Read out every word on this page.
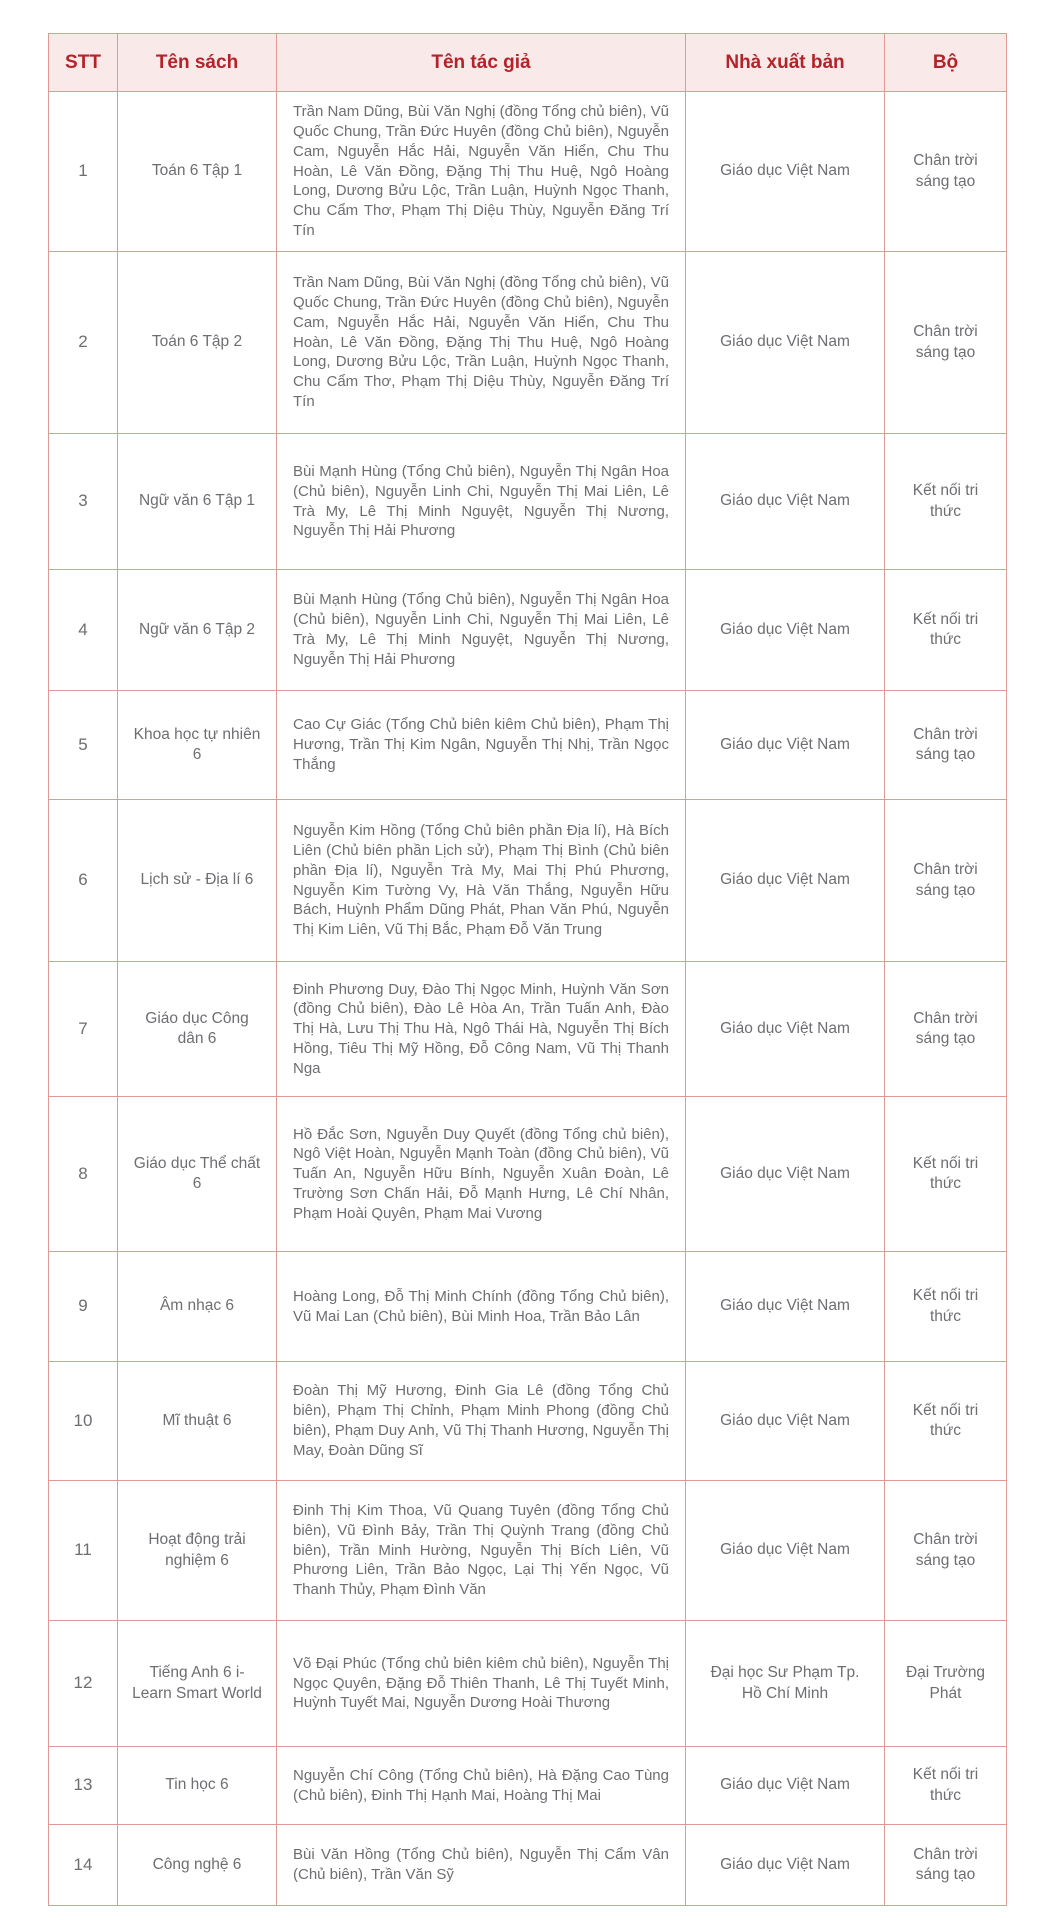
STT	Tên sách	Tên tác giả	Nhà xuất bản	Bộ
1	Toán 6 Tập 1	Trần Nam Dũng, Bùi Văn Nghị (đồng Tổng chủ biên), Vũ Quốc Chung, Trần Đức Huyên (đồng Chủ biên), Nguyễn Cam, Nguyễn Hắc Hải, Nguyễn Văn Hiển, Chu Thu Hoàn, Lê Văn Đồng, Đặng Thị Thu Huệ, Ngô Hoàng Long, Dương Bửu Lộc, Trần Luận, Huỳnh Ngọc Thanh, Chu Cẩm Thơ, Phạm Thị Diệu Thùy, Nguyễn Đăng Trí Tín	Giáo dục Việt Nam	Chân trời sáng tạo
2	Toán 6 Tập 2	Trần Nam Dũng, Bùi Văn Nghị (đồng Tổng chủ biên), Vũ Quốc Chung, Trần Đức Huyên (đồng Chủ biên), Nguyễn Cam, Nguyễn Hắc Hải, Nguyễn Văn Hiển, Chu Thu Hoàn, Lê Văn Đồng, Đặng Thị Thu Huệ, Ngô Hoàng Long, Dương Bửu Lộc, Trần Luận, Huỳnh Ngọc Thanh, Chu Cẩm Thơ, Phạm Thị Diệu Thùy, Nguyễn Đăng Trí Tín	Giáo dục Việt Nam	Chân trời sáng tạo
3	Ngữ văn 6 Tập 1	Bùi Mạnh Hùng (Tổng Chủ biên), Nguyễn Thị Ngân Hoa (Chủ biên), Nguyễn Linh Chi, Nguyễn Thị Mai Liên, Lê Trà My, Lê Thị Minh Nguyệt, Nguyễn Thị Nương, Nguyễn Thị Hải Phương	Giáo dục Việt Nam	Kết nối tri thức
4	Ngữ văn 6 Tập 2	Bùi Mạnh Hùng (Tổng Chủ biên), Nguyễn Thị Ngân Hoa (Chủ biên), Nguyễn Linh Chi, Nguyễn Thị Mai Liên, Lê Trà My, Lê Thị Minh Nguyệt, Nguyễn Thị Nương, Nguyễn Thị Hải Phương	Giáo dục Việt Nam	Kết nối tri thức
5	Khoa học tự nhiên 6	Cao Cự Giác (Tổng Chủ biên kiêm Chủ biên), Phạm Thị Hương, Trần Thị Kim Ngân, Nguyễn Thị Nhị, Trần Ngọc Thắng	Giáo dục Việt Nam	Chân trời sáng tạo
6	Lịch sử - Địa lí 6	Nguyễn Kim Hồng (Tổng Chủ biên phần Địa lí), Hà Bích Liên (Chủ biên phần Lịch sử), Phạm Thị Bình (Chủ biên phần Địa lí), Nguyễn Trà My, Mai Thị Phú Phương, Nguyễn Kim Tường Vy, Hà Văn Thắng, Nguyễn Hữu Bách, Huỳnh Phẩm Dũng Phát, Phan Văn Phú, Nguyễn Thị Kim Liên, Vũ Thị Bắc, Phạm Đỗ Văn Trung	Giáo dục Việt Nam	Chân trời sáng tạo
7	Giáo dục Công dân 6	Đinh Phương Duy, Đào Thị Ngọc Minh, Huỳnh Văn Sơn (đồng Chủ biên), Đào Lê Hòa An, Trần Tuấn Anh, Đào Thị Hà, Lưu Thị Thu Hà, Ngô Thái Hà, Nguyễn Thị Bích Hồng, Tiêu Thị Mỹ Hồng, Đỗ Công Nam, Vũ Thị Thanh Nga	Giáo dục Việt Nam	Chân trời sáng tạo
8	Giáo dục Thể chất 6	Hồ Đắc Sơn, Nguyễn Duy Quyết (đồng Tổng chủ biên), Ngô Việt Hoàn, Nguyễn Mạnh Toàn (đồng Chủ biên), Vũ Tuấn An, Nguyễn Hữu Bính, Nguyễn Xuân Đoàn, Lê Trường Sơn Chấn Hải, Đỗ Mạnh Hưng, Lê Chí Nhân, Phạm Hoài Quyên, Phạm Mai Vương	Giáo dục Việt Nam	Kết nối tri thức
9	Âm nhạc 6	Hoàng Long, Đỗ Thị Minh Chính (đồng Tổng Chủ biên), Vũ Mai Lan (Chủ biên), Bùi Minh Hoa, Trần Bảo Lân	Giáo dục Việt Nam	Kết nối tri thức
10	Mĩ thuật 6	Đoàn Thị Mỹ Hương, Đinh Gia Lê (đồng Tổng Chủ biên), Phạm Thị Chỉnh, Phạm Minh Phong (đồng Chủ biên), Phạm Duy Anh, Vũ Thị Thanh Hương, Nguyễn Thị May, Đoàn Dũng Sĩ	Giáo dục Việt Nam	Kết nối tri thức
11	Hoạt động trải nghiệm 6	Đinh Thị Kim Thoa, Vũ Quang Tuyên (đồng Tổng Chủ biên), Vũ Đình Bảy, Trần Thị Quỳnh Trang (đồng Chủ biên), Trần Minh Hường, Nguyễn Thị Bích Liên, Vũ Phương Liên, Trần Bảo Ngọc, Lại Thị Yến Ngọc, Vũ Thanh Thủy, Phạm Đình Văn	Giáo dục Việt Nam	Chân trời sáng tạo
12	Tiếng Anh 6 i-Learn Smart World	Võ Đại Phúc (Tổng chủ biên kiêm chủ biên), Nguyễn Thị Ngọc Quyên, Đặng Đỗ Thiên Thanh, Lê Thị Tuyết Minh, Huỳnh Tuyết Mai, Nguyễn Dương Hoài Thương	Đại học Sư Phạm Tp. Hồ Chí Minh	Đại Trường Phát
13	Tin học 6	Nguyễn Chí Công (Tổng Chủ biên), Hà Đặng Cao Tùng (Chủ biên), Đinh Thị Hạnh Mai, Hoàng Thị Mai	Giáo dục Việt Nam	Kết nối tri thức
14	Công nghệ 6	Bùi Văn Hồng (Tổng Chủ biên), Nguyễn Thị Cẩm Vân (Chủ biên), Trần Văn Sỹ	Giáo dục Việt Nam	Chân trời sáng tạo
